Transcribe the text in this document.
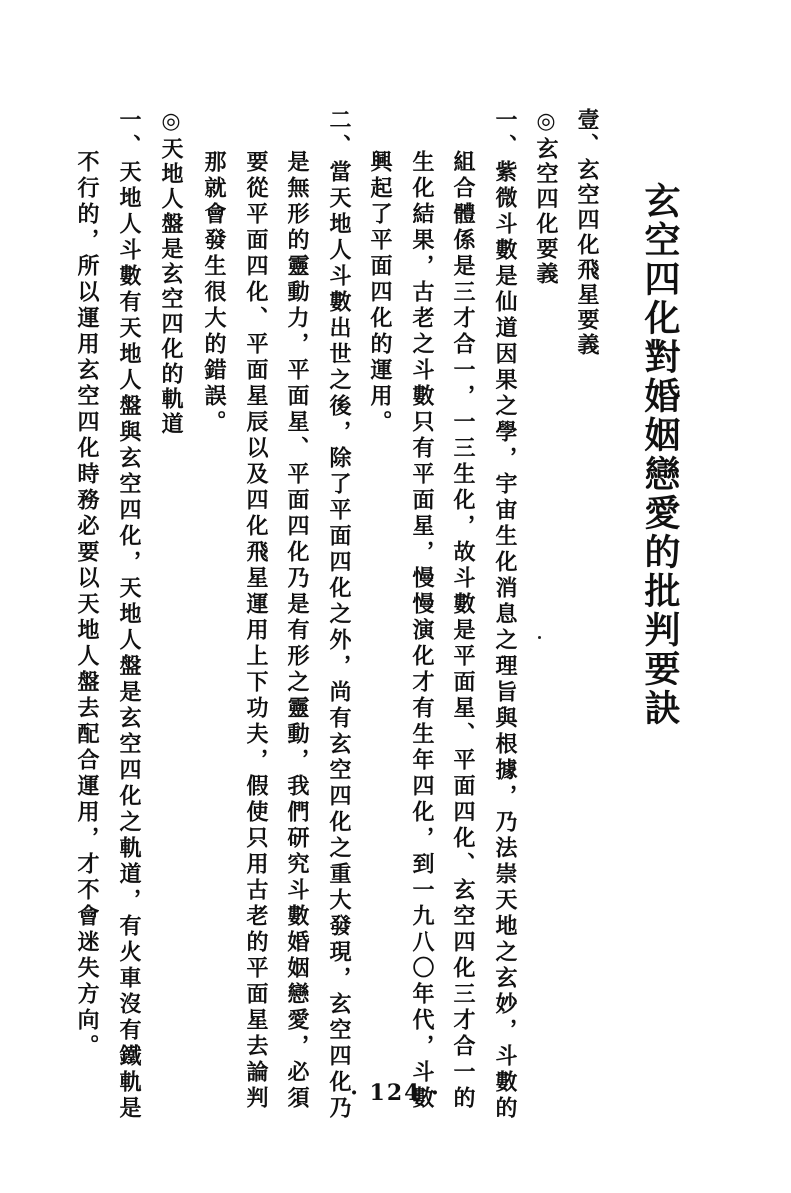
玄空四化對婚姻戀愛的批判要訣
壹、玄空四化飛星要義
◎玄空四化要義
一、紫微斗數是仙道因果之學，宇宙生化消息之理旨與根據，乃法崇天地之玄妙，斗數的
組合體係是三才合一，一三生化，故斗數是平面星、平面四化、玄空四化三才合一的
生化結果，古老之斗數只有平面星，慢慢演化才有生年四化，到一九八〇年代，斗數
興起了平面四化的運用。
二、當天地人斗數出世之後，除了平面四化之外，尚有玄空四化之重大發現，玄空四化乃
是無形的靈動力，平面星、平面四化乃是有形之靈動，我們研究斗數婚姻戀愛，必須
要從平面四化、平面星辰以及四化飛星運用上下功夫，假使只用古老的平面星去論判
那就會發生很大的錯誤。
◎天地人盤是玄空四化的軌道
一、天地人斗數有天地人盤與玄空四化，天地人盤是玄空四化之軌道，有火車沒有鐵軌是
不行的，所以運用玄空四化時務必要以天地人盤去配合運用，才不會迷失方向。
· 124 ·
